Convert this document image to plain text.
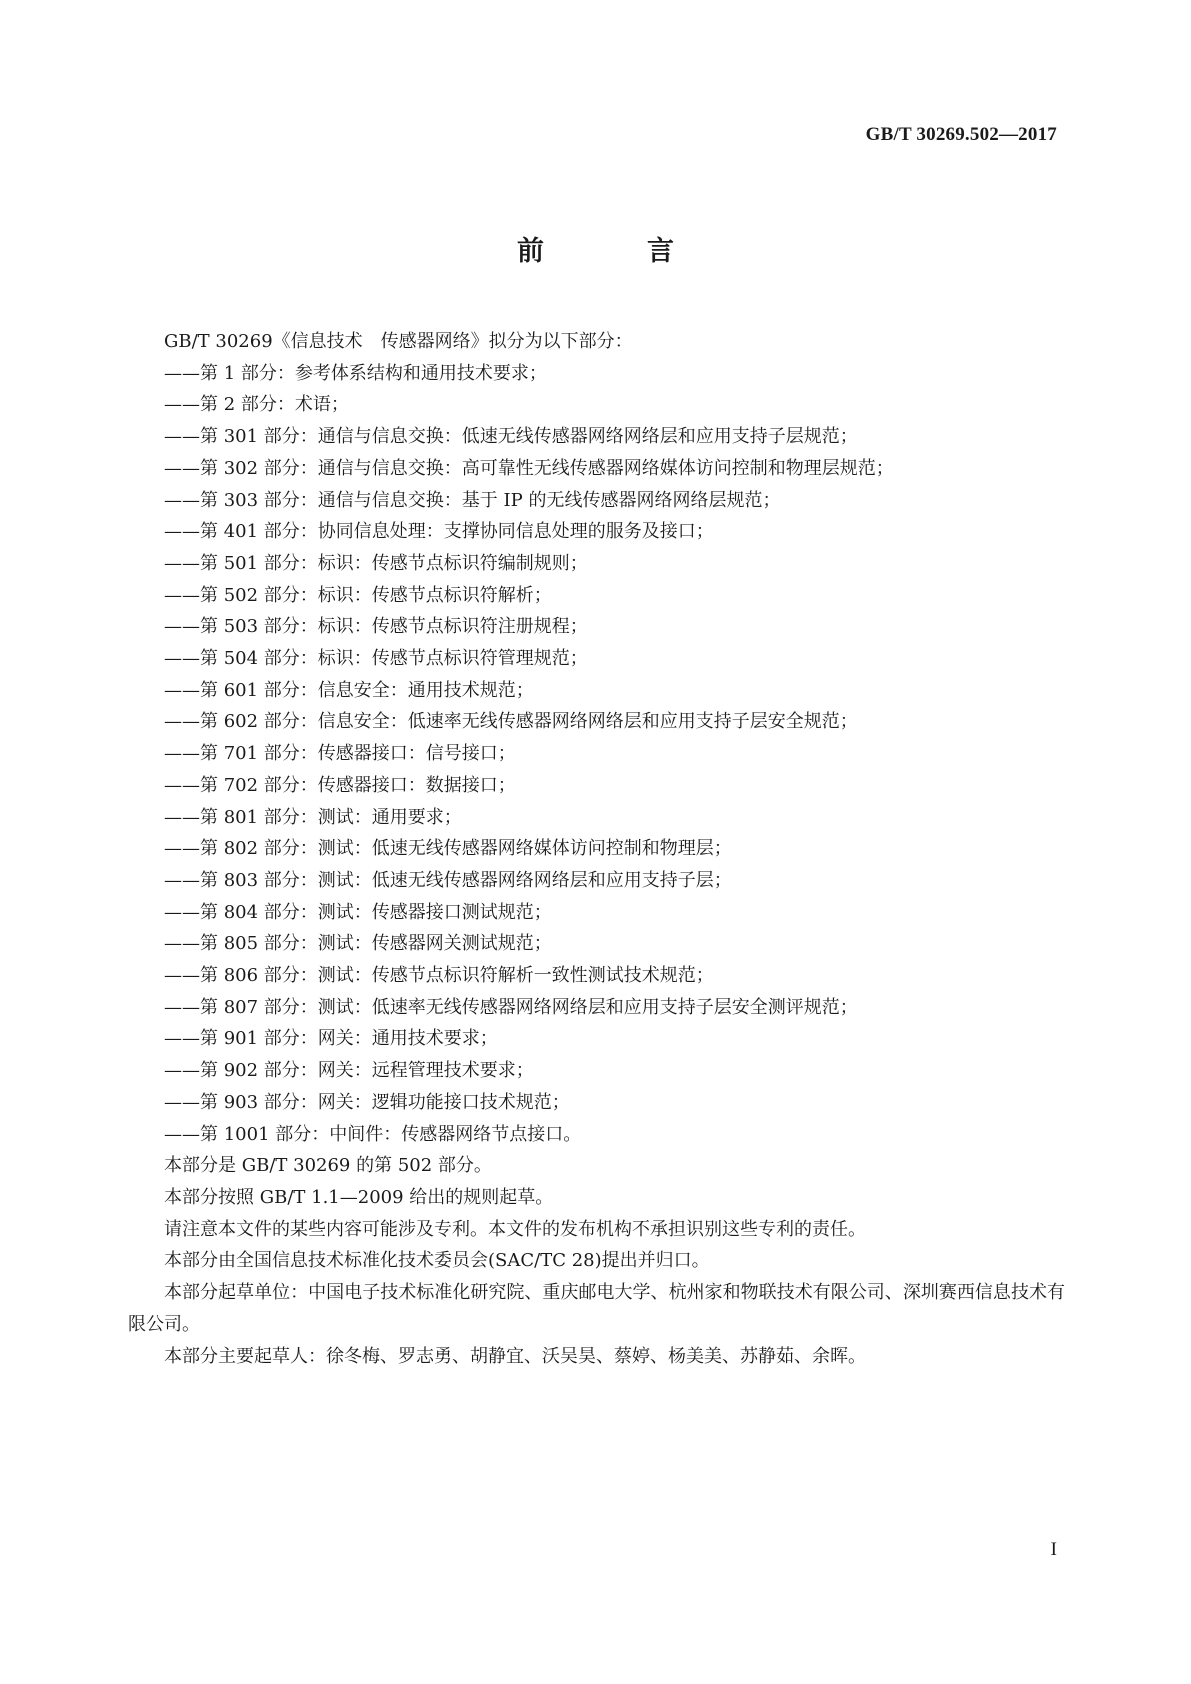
GB/T 30269.502—2017
前　言

GB/T 30269《信息技术　传感器网络》拟分为以下部分：

——第 1 部分：参考体系结构和通用技术要求；

——第 2 部分：术语；

——第 301 部分：通信与信息交换：低速无线传感器网络网络层和应用支持子层规范；

——第 302 部分：通信与信息交换：高可靠性无线传感器网络媒体访问控制和物理层规范；

——第 303 部分：通信与信息交换：基于 IP 的无线传感器网络网络层规范；

——第 401 部分：协同信息处理：支撑协同信息处理的服务及接口；

——第 501 部分：标识：传感节点标识符编制规则；

——第 502 部分：标识：传感节点标识符解析；

——第 503 部分：标识：传感节点标识符注册规程；

——第 504 部分：标识：传感节点标识符管理规范；

——第 601 部分：信息安全：通用技术规范；

——第 602 部分：信息安全：低速率无线传感器网络网络层和应用支持子层安全规范；

——第 701 部分：传感器接口：信号接口；

——第 702 部分：传感器接口：数据接口；

——第 801 部分：测试：通用要求；

——第 802 部分：测试：低速无线传感器网络媒体访问控制和物理层；

——第 803 部分：测试：低速无线传感器网络网络层和应用支持子层；

——第 804 部分：测试：传感器接口测试规范；

——第 805 部分：测试：传感器网关测试规范；

——第 806 部分：测试：传感节点标识符解析一致性测试技术规范；

——第 807 部分：测试：低速率无线传感器网络网络层和应用支持子层安全测评规范；

——第 901 部分：网关：通用技术要求；

——第 902 部分：网关：远程管理技术要求；

——第 903 部分：网关：逻辑功能接口技术规范；

——第 1001 部分：中间件：传感器网络节点接口。

本部分是 GB/T 30269 的第 502 部分。

本部分按照 GB/T 1.1—2009 给出的规则起草。

请注意本文件的某些内容可能涉及专利。本文件的发布机构不承担识别这些专利的责任。

本部分由全国信息技术标准化技术委员会(SAC/TC 28)提出并归口。

本部分起草单位：中国电子技术标准化研究院、重庆邮电大学、杭州家和物联技术有限公司、深圳赛西信息技术有限公司。

本部分主要起草人：徐冬梅、罗志勇、胡静宜、沃吴昊、蔡婷、杨美美、苏静茹、余晖。

I
